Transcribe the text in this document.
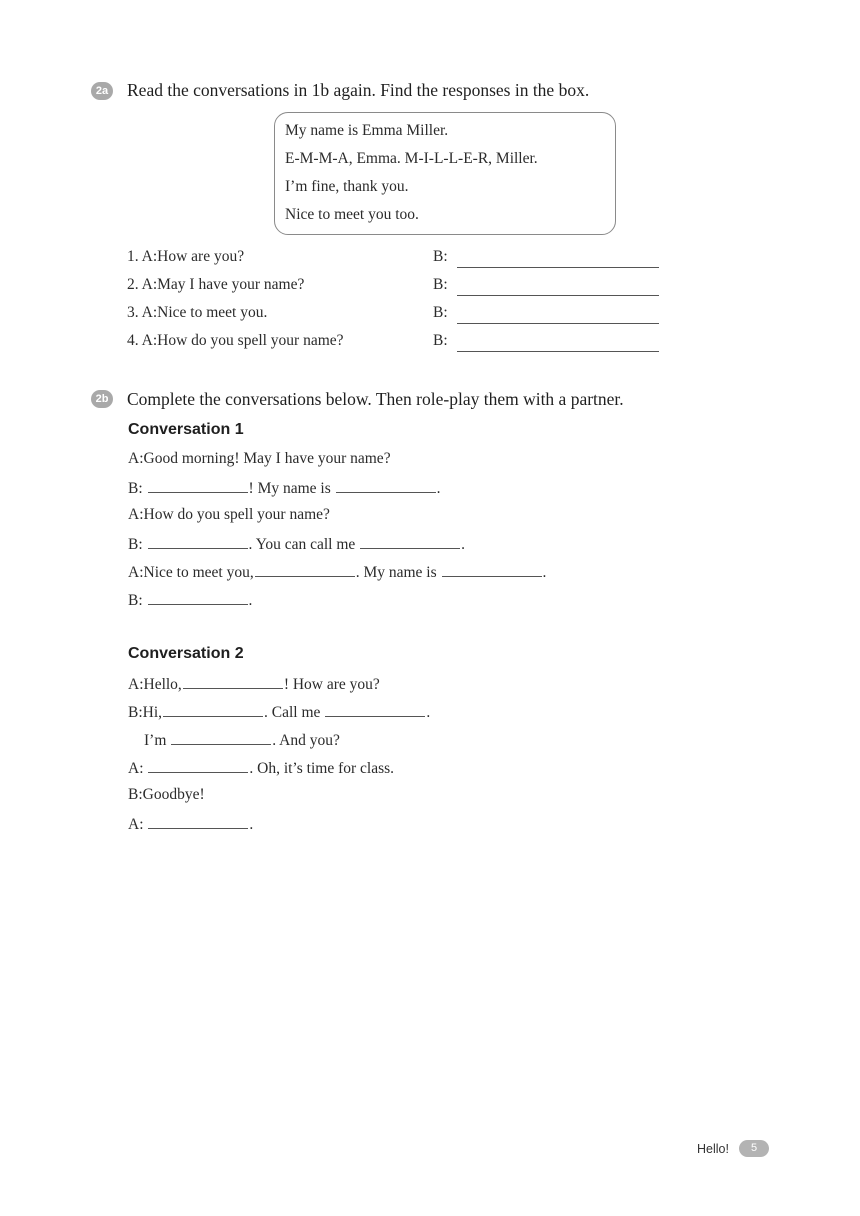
2a Read the conversations in 1b again. Find the responses in the box.
My name is Emma Miller.
E-M-M-A, Emma. M-I-L-L-E-R, Miller.
I’m fine, thank you.
Nice to meet you too.
1. A:How are you?	B:
2. A:May I have your name?	B:
3. A:Nice to meet you.	B:
4. A:How do you spell your name?	B:
2b Complete the conversations below. Then role-play them with a partner.
Conversation 1
A:Good morning! May I have your name?
B:	! My name is	.
A:How do you spell your name?
B:	. You can call me	.
A:Nice to meet you,	. My name is	.
B:	.
Conversation 2
A:Hello,	! How are you?
B:Hi,	. Call me	.
I’m	. And you?
A:	. Oh, it’s time for class.
B:Goodbye!
A:	.
Hello!	5
